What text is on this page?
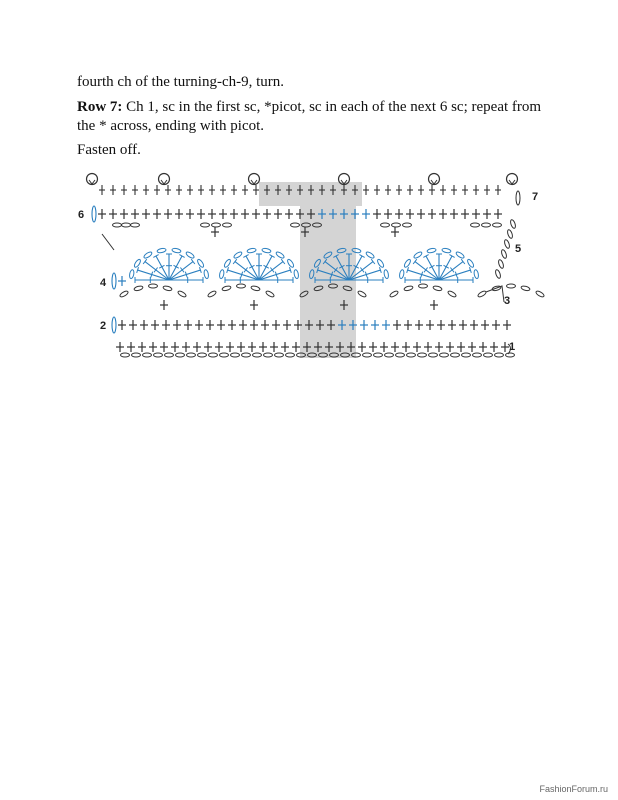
fourth ch of the turning-ch-9, turn.
Row 7: Ch 1, sc in the first sc, *picot, sc in each of the next 6 sc; repeat from the * across, ending with picot.
Fasten off.
1
2
3
4
5
6
7
FashionForum.ru
